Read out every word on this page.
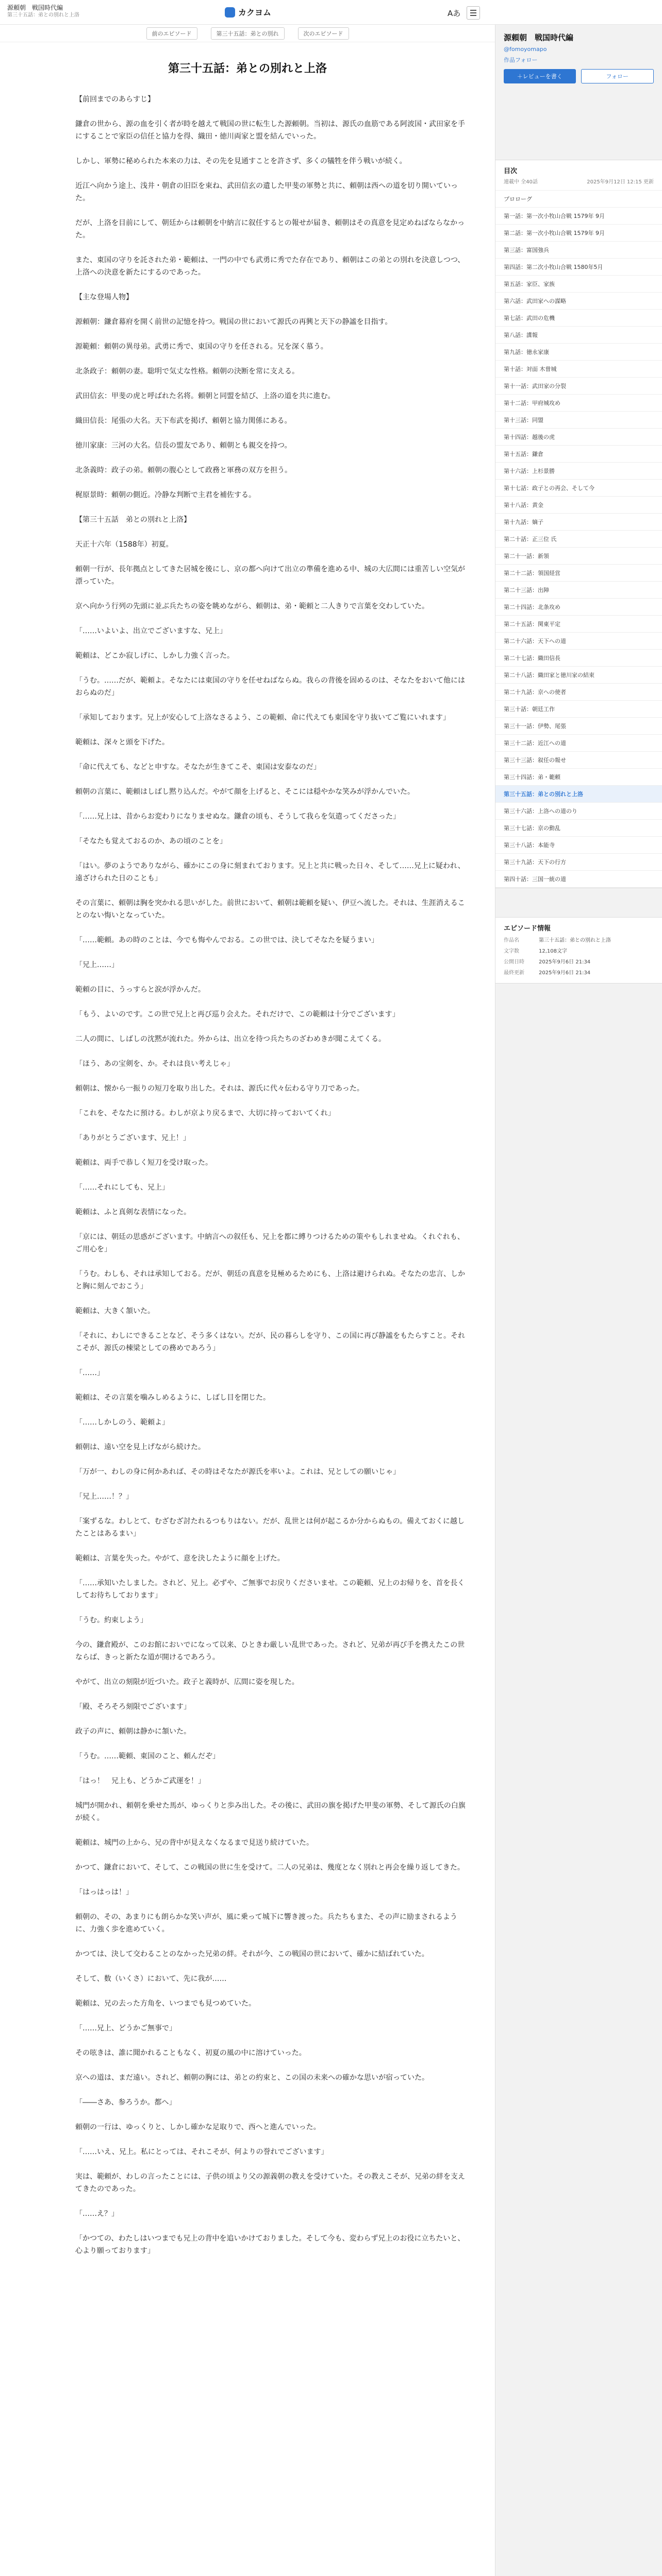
源頼朝　戦国時代編
第三十五話：弟との別れと上洛	カクヨム	Aあ
前のエピソード	第三十五話：弟との別れ	次のエピソード
第三十五話：弟との別れと上洛

【前回までのあらすじ】

鎌倉の世から、源の血を引く者が時を越えて戦国の世に転生した源頼朝。当初は、源氏の血筋である阿波国・武田家を手にすることで家臣の信任と協力を得、織田・徳川両家と盟を結んでいった。

しかし、軍勢に秘められた本来の力は、その先を見通すことを許さず、多くの犠牲を伴う戦いが続く。

近江へ向かう途上、浅井・朝倉の旧臣を束ね、武田信玄の遺した甲斐の軍勢と共に、頼朝は西への道を切り開いていった。

だが、上洛を目前にして、朝廷からは頼朝を中納言に叙任するとの報せが届き、頼朝はその真意を見定めねばならなかった。

また、東国の守りを託された弟・範頼は、一門の中でも武勇に秀でた存在であり、頼朝はこの弟との別れを決意しつつ、上洛への決意を新たにするのであった。

【主な登場人物】

源頼朝：鎌倉幕府を開く前世の記憶を持つ。戦国の世において源氏の再興と天下の静謐を目指す。

源範頼：頼朝の異母弟。武勇に秀で、東国の守りを任される。兄を深く慕う。

北条政子：頼朝の妻。聡明で気丈な性格。頼朝の決断を常に支える。

武田信玄：甲斐の虎と呼ばれた名将。頼朝と同盟を結び、上洛の道を共に進む。

織田信長：尾張の大名。天下布武を掲げ、頼朝と協力関係にある。

徳川家康：三河の大名。信長の盟友であり、頼朝とも親交を持つ。

北条義時：政子の弟。頼朝の腹心として政務と軍務の双方を担う。

梶原景時：頼朝の側近。冷静な判断で主君を補佐する。

【第三十五話　弟との別れと上洛】

天正十六年（1588年）初夏。

頼朝一行が、長年拠点としてきた居城を後にし、京の都へ向けて出立の準備を進める中、城の大広間には重苦しい空気が漂っていた。

京へ向かう行列の先頭に並ぶ兵たちの姿を眺めながら、頼朝は、弟・範頼と二人きりで言葉を交わしていた。

「……いよいよ、出立でございますな、兄上」

範頼は、どこか寂しげに、しかし力強く言った。

「うむ。……だが、範頼よ。そなたには東国の守りを任せねばならぬ。我らの背後を固めるのは、そなたをおいて他にはおらぬのだ」

「承知しております。兄上が安心して上洛なさるよう、この範頼、命に代えても東国を守り抜いてご覧にいれます」

範頼は、深々と頭を下げた。

「命に代えても、などと申すな。そなたが生きてこそ、東国は安泰なのだ」

頼朝の言葉に、範頼はしばし黙り込んだ。やがて顔を上げると、そこには穏やかな笑みが浮かんでいた。

「……兄上は、昔からお変わりになりませぬな。鎌倉の頃も、そうして我らを気遣ってくださった」

「そなたも覚えておるのか、あの頃のことを」

「はい。夢のようでありながら、確かにこの身に刻まれております。兄上と共に戦った日々、そして……兄上に疑われ、遠ざけられた日のことも」

その言葉に、頼朝は胸を突かれる思いがした。前世において、頼朝は範頼を疑い、伊豆へ流した。それは、生涯消えることのない悔いとなっていた。

「……範頼。あの時のことは、今でも悔やんでおる。この世では、決してそなたを疑うまい」

「兄上……」

範頼の目に、うっすらと涙が浮かんだ。

「もう、よいのです。この世で兄上と再び巡り会えた。それだけで、この範頼は十分でございます」

二人の間に、しばしの沈黙が流れた。外からは、出立を待つ兵たちのざわめきが聞こえてくる。

「ほう、あの宝剣を、か。それは良い考えじゃ」

頼朝は、懐から一振りの短刀を取り出した。それは、源氏に代々伝わる守り刀であった。

「これを、そなたに預ける。わしが京より戻るまで、大切に持っておいてくれ」

「ありがとうございます、兄上！」

範頼は、両手で恭しく短刀を受け取った。

「……それにしても、兄上」

範頼は、ふと真剣な表情になった。

「京には、朝廷の思惑がございます。中納言への叙任も、兄上を都に縛りつけるための策やもしれませぬ。くれぐれも、ご用心を」

「うむ。わしも、それは承知しておる。だが、朝廷の真意を見極めるためにも、上洛は避けられぬ。そなたの忠言、しかと胸に刻んでおこう」

範頼は、大きく頷いた。

「それに、わしにできることなど、そう多くはない。だが、民の暮らしを守り、この国に再び静謐をもたらすこと。それこそが、源氏の棟梁としての務めであろう」

「……」

範頼は、その言葉を噛みしめるように、しばし目を閉じた。

「……しかしのう、範頼よ」

頼朝は、遠い空を見上げながら続けた。

「万が一、わしの身に何かあれば、その時はそなたが源氏を率いよ。これは、兄としての願いじゃ」

「兄上……！？」

「案ずるな。わしとて、むざむざ討たれるつもりはない。だが、乱世とは何が起こるか分からぬもの。備えておくに越したことはあるまい」

範頼は、言葉を失った。やがて、意を決したように顔を上げた。

「……承知いたしました。されど、兄上。必ずや、ご無事でお戻りくださいませ。この範頼、兄上のお帰りを、首を長くしてお待ちしております」

「うむ。約束しよう」

今の、鎌倉殿が、このお館においでになって以来、ひときわ厳しい乱世であった。されど、兄弟が再び手を携えたこの世ならば、きっと新たな道が開けるであろう。

やがて、出立の刻限が近づいた。政子と義時が、広間に姿を現した。

「殿、そろそろ刻限でございます」

政子の声に、頼朝は静かに頷いた。

「うむ。……範頼、東国のこと、頼んだぞ」

「はっ！　兄上も、どうかご武運を！」

城門が開かれ、頼朝を乗せた馬が、ゆっくりと歩み出した。その後に、武田の旗を掲げた甲斐の軍勢、そして源氏の白旗が続く。

範頼は、城門の上から、兄の背中が見えなくなるまで見送り続けていた。

かつて、鎌倉において、そして、この戦国の世に生を受けて。二人の兄弟は、幾度となく別れと再会を繰り返してきた。

「はっはっは！」

頼朝の、その、あまりにも朗らかな笑い声が、風に乗って城下に響き渡った。兵たちもまた、その声に励まされるように、力強く歩を進めていく。

かつては、決して交わることのなかった兄弟の絆。それが今、この戦国の世において、確かに結ばれていた。

そして、数（いくさ）において、先に我が……

範頼は、兄の去った方角を、いつまでも見つめていた。

「……兄上、どうかご無事で」

その呟きは、誰に聞かれることもなく、初夏の風の中に溶けていった。

京への道は、まだ遠い。されど、頼朝の胸には、弟との約束と、この国の未来への確かな思いが宿っていた。

「――さあ、参ろうか。都へ」

頼朝の一行は、ゆっくりと、しかし確かな足取りで、西へと進んでいった。

「……いえ、兄上。私にとっては、それこそが、何よりの誉れでございます」

実は、範頼が、わしの言ったことには、子供の頃より父の源義朝の教えを受けていた。その教えこそが、兄弟の絆を支えてきたのであった。

「……え？」

「かつての、わたしはいつまでも兄上の背中を追いかけておりました。そして今も、変わらず兄上のお役に立ちたいと、心より願っております」

源頼朝　戦国時代編
@fomoyomapo
作品フォロー
＋レビューを書く	フォロー
目次
連載中 全40話	2025年9月12日 12:15 更新
プロローグ
第一話：第一次小牧山合戦 1579年 9月
第二話：第一次小牧山合戦 1579年 9月
第三話：富国強兵
第四話：第二次小牧山合戦 1580年5月
第五話：家臣、家族
第六話：武田家への謀略
第七話：武田の危機
第八話：諜報
第九話：徳永家康
第十話：対面 木曽城
第十一話：武田家の分裂
第十二話：甲府城攻め
第十三話：同盟
第十四話：越後の虎
第十五話：鎌倉
第十六話：上杉景勝
第十七話：政子との再会、そして今
第十八話：黄金
第十九話：嫡子
第二十話：正三位 氏
第二十一話：新領
第二十二話：領国経営
第二十三話：出陣
第二十四話：北条攻め
第二十五話：関東平定
第二十六話：天下への道
第二十七話：織田信長
第二十八話：織田家と徳川家の結束
第二十九話：京への使者
第三十話：朝廷工作
第三十一話：伊勢、尾張
第三十二話：近江への道
第三十三話：叙任の報せ
第三十四話：弟・範頼
第三十五話：弟との別れと上洛
第三十六話：上洛への道のり
第三十七話：京の動乱
第三十八話：本能寺
第三十九話：天下の行方
第四十話：三国一統の道
エピソード情報
作品名	第三十五話：弟との別れと上洛
文字数	12,108文字
公開日時	2025年9月6日 21:34
最終更新	2025年9月6日 21:34
